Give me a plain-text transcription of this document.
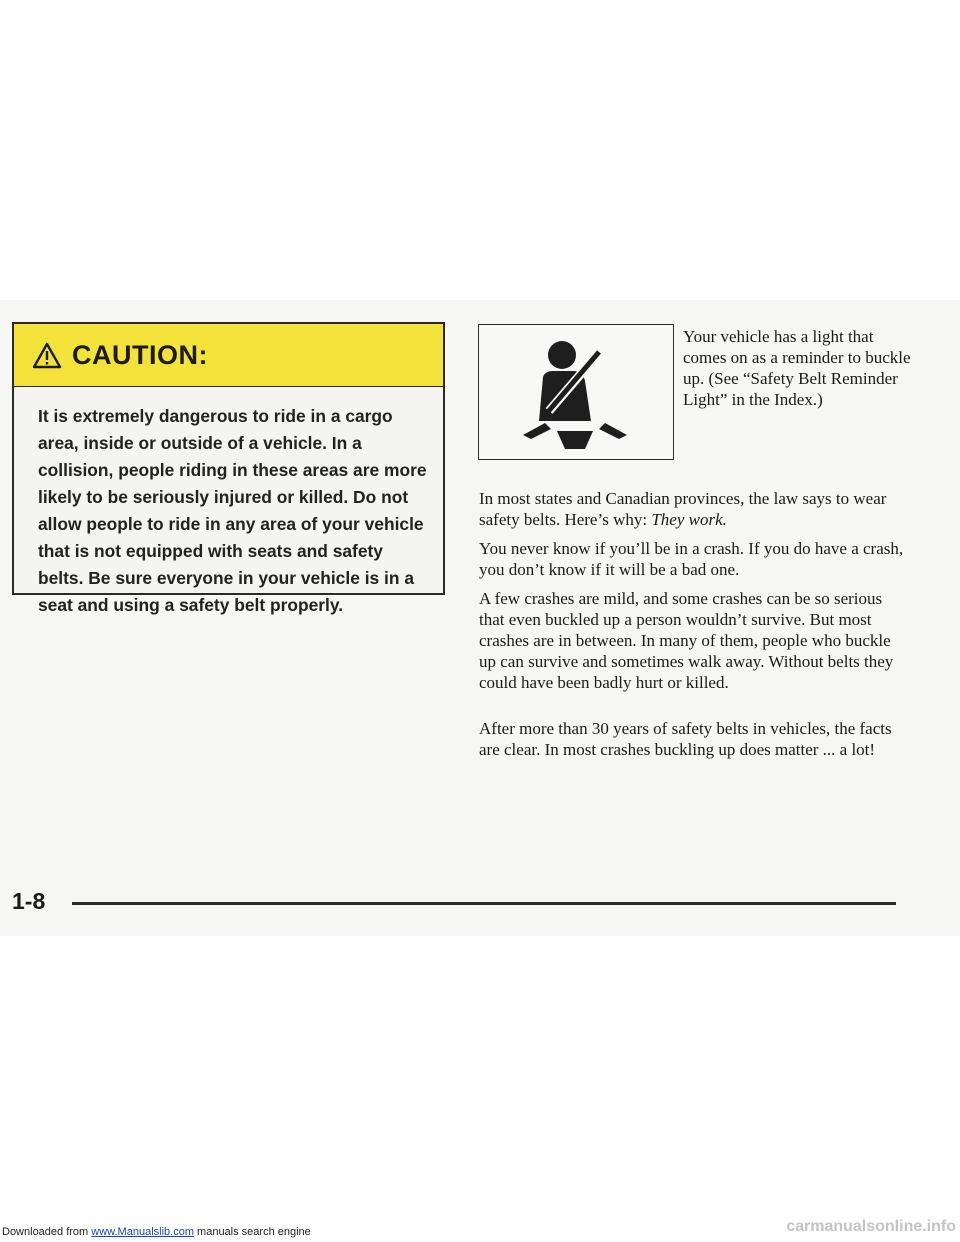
CAUTION:
It is extremely dangerous to ride in a cargo area, inside or outside of a vehicle. In a collision, people riding in these areas are more likely to be seriously injured or killed. Do not allow people to ride in any area of your vehicle that is not equipped with seats and safety belts. Be sure everyone in your vehicle is in a seat and using a safety belt properly.
Your vehicle has a light that comes on as a reminder to buckle up. (See “Safety Belt Reminder Light” in the Index.)

In most states and Canadian provinces, the law says to wear safety belts. Here’s why: They work.

You never know if you’ll be in a crash. If you do have a crash, you don’t know if it will be a bad one.

A few crashes are mild, and some crashes can be so serious that even buckled up a person wouldn’t survive. But most crashes are in between. In many of them, people who buckle up can survive and sometimes walk away. Without belts they could have been badly hurt or killed.

After more than 30 years of safety belts in vehicles, the facts are clear. In most crashes buckling up does matter ... a lot!

1-8
Downloaded from www.Manualslib.com manuals search engine	carmanualsonline.info
